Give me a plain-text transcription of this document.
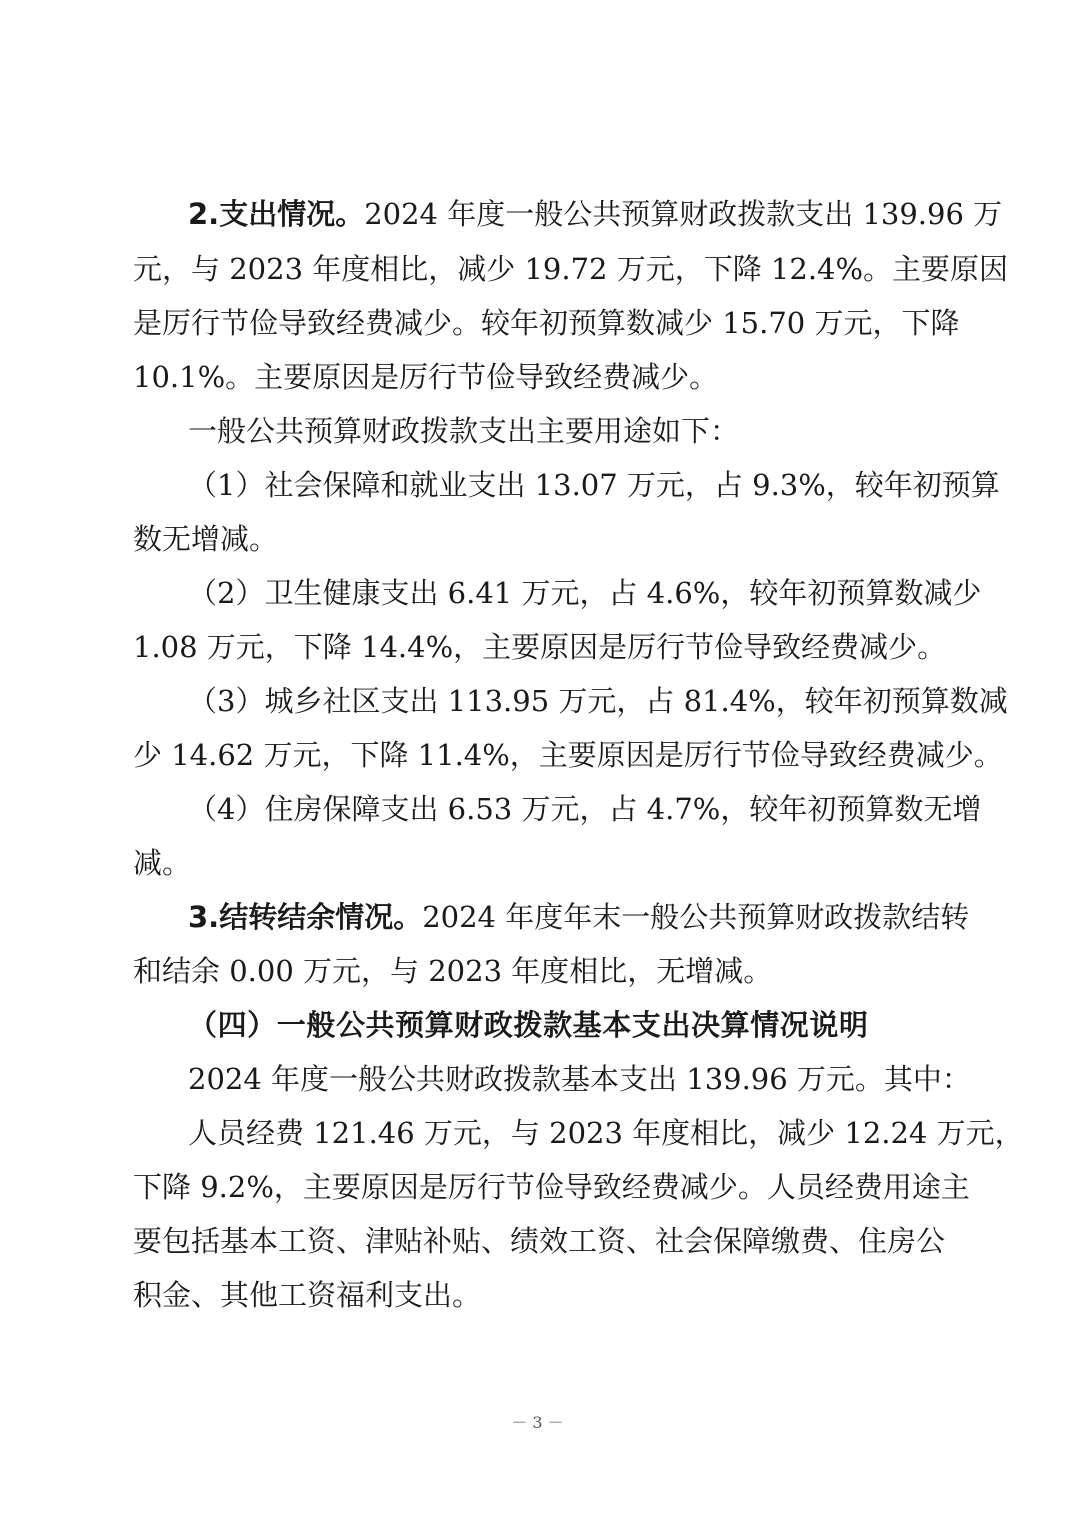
2.支出情况。2024 年度一般公共预算财政拨款支出 139.96 万
元，与 2023 年度相比，减少 19.72 万元，下降 12.4%。主要原因
是厉行节俭导致经费减少。较年初预算数减少 15.70 万元，下降
10.1%。主要原因是厉行节俭导致经费减少。
一般公共预算财政拨款支出主要用途如下：
（1）社会保障和就业支出 13.07 万元，占 9.3%，较年初预算
数无增减。
（2）卫生健康支出 6.41 万元，占 4.6%，较年初预算数减少
1.08 万元，下降 14.4%，主要原因是厉行节俭导致经费减少。
（3）城乡社区支出 113.95 万元，占 81.4%，较年初预算数减
少 14.62 万元，下降 11.4%，主要原因是厉行节俭导致经费减少。
（4）住房保障支出 6.53 万元，占 4.7%，较年初预算数无增
减。
3.结转结余情况。2024 年度年末一般公共预算财政拨款结转
和结余 0.00 万元，与 2023 年度相比，无增减。
（四）一般公共预算财政拨款基本支出决算情况说明
2024 年度一般公共财政拨款基本支出 139.96 万元。其中：
人员经费 121.46 万元，与 2023 年度相比，减少 12.24 万元，
下降 9.2%，主要原因是厉行节俭导致经费减少。人员经费用途主
要包括基本工资、津贴补贴、绩效工资、社会保障缴费、住房公
积金、其他工资福利支出。
－ 3 －
